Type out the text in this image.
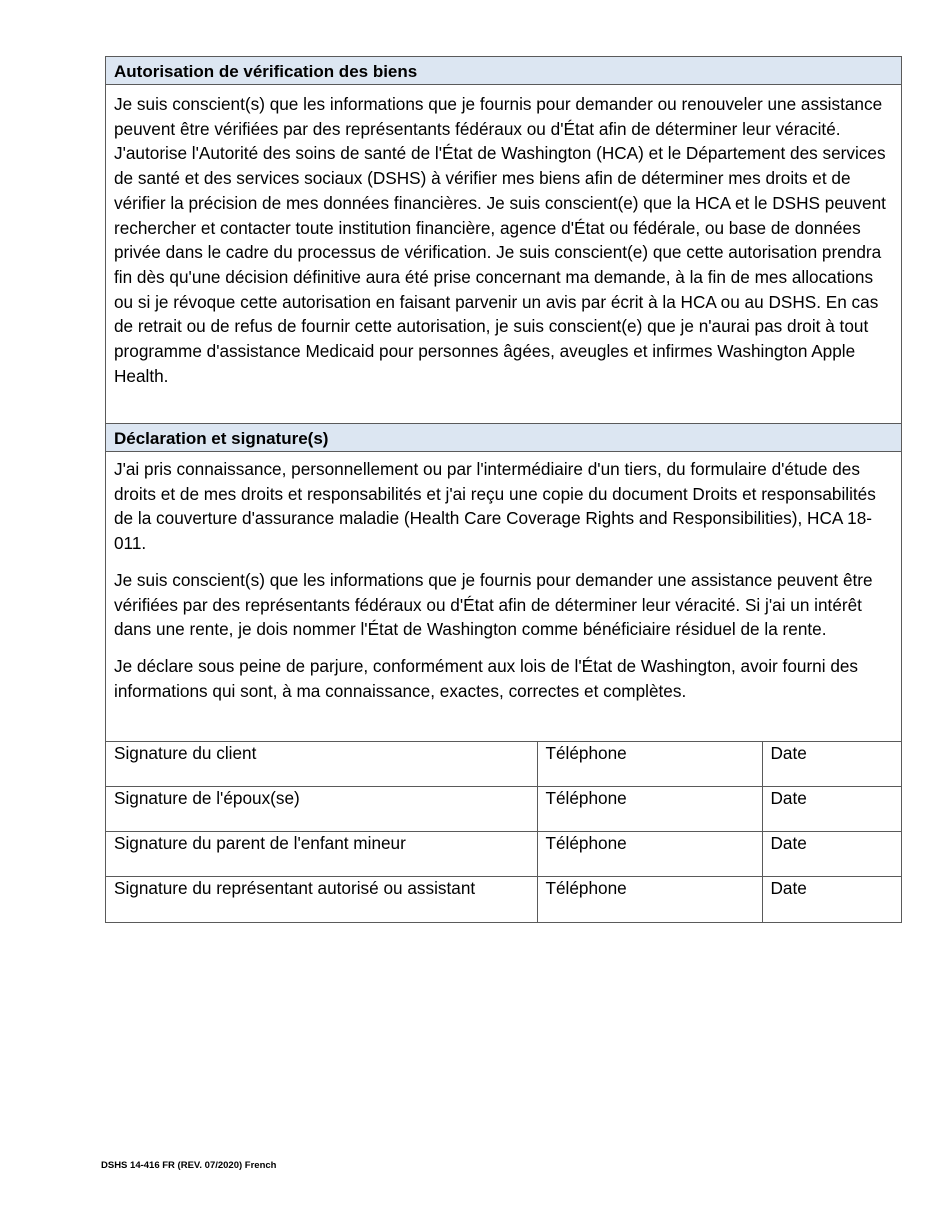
Autorisation de vérification des biens
Je suis conscient(s) que les informations que je fournis pour demander ou renouveler une assistance peuvent être vérifiées par des représentants fédéraux ou d'État afin de déterminer leur véracité. J'autorise l'Autorité des soins de santé de l'État de Washington (HCA) et le Département des services de santé et des services sociaux (DSHS) à vérifier mes biens afin de déterminer mes droits et de vérifier la précision de mes données financières. Je suis conscient(e) que la HCA et le DSHS peuvent rechercher et contacter toute institution financière, agence d'État ou fédérale, ou base de données privée dans le cadre du processus de vérification. Je suis conscient(e) que cette autorisation prendra fin dès qu'une décision définitive aura été prise concernant ma demande, à la fin de mes allocations ou si je révoque cette autorisation en faisant parvenir un avis par écrit à la HCA ou au DSHS. En cas de retrait ou de refus de fournir cette autorisation, je suis conscient(e) que je n'aurai pas droit à tout programme d'assistance Medicaid pour personnes âgées, aveugles et infirmes Washington Apple Health.
Déclaration et signature(s)

J'ai pris connaissance, personnellement ou par l'intermédiaire d'un tiers, du formulaire d'étude des droits et de mes droits et responsabilités et j'ai reçu une copie du document Droits et responsabilités de la couverture d'assurance maladie (Health Care Coverage Rights and Responsibilities), HCA 18-011.

Je suis conscient(s) que les informations que je fournis pour demander une assistance peuvent être vérifiées par des représentants fédéraux ou d'État afin de déterminer leur véracité. Si j'ai un intérêt dans une rente, je dois nommer l'État de Washington comme bénéficiaire résiduel de la rente.

Je déclare sous peine de parjure, conformément aux lois de l'État de Washington, avoir fourni des informations qui sont, à ma connaissance, exactes, correctes et complètes.

Signature du client	Téléphone	Date
Signature de l'époux(se)	Téléphone	Date
Signature du parent de l'enfant mineur	Téléphone	Date
Signature du représentant autorisé ou assistant	Téléphone	Date
DSHS 14-416 FR (REV. 07/2020) French
